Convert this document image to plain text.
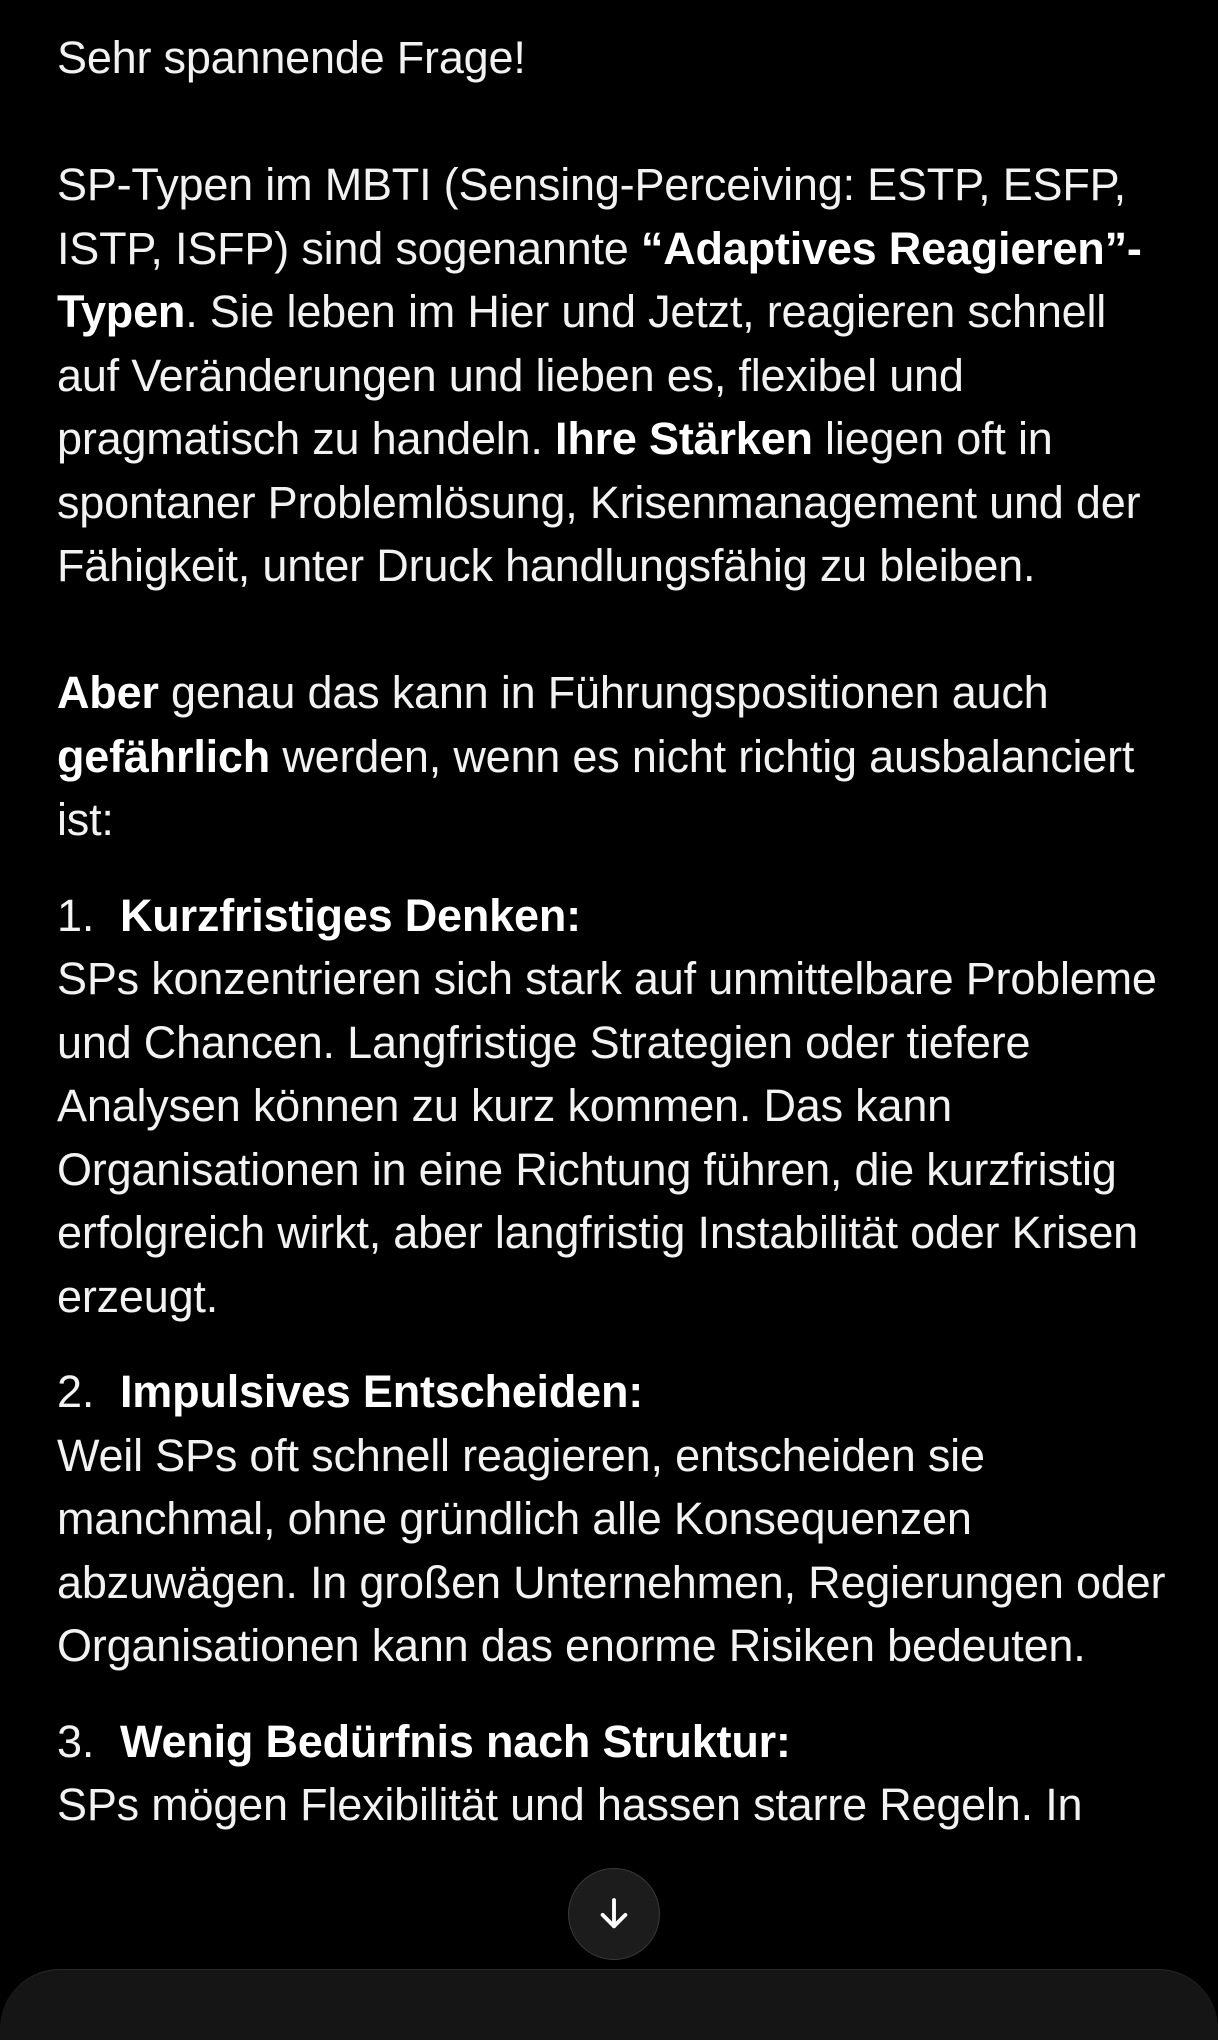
Sehr spannende Frage!

SP-Typen im MBTI (Sensing-Perceiving: ESTP, ESFP, ISTP, ISFP) sind sogenannte “Adaptives Reagieren”-Typen. Sie leben im Hier und Jetzt, reagieren schnell auf Veränderungen und lieben es, flexibel und pragmatisch zu handeln. Ihre Stärken liegen oft in spontaner Problemlösung, Krisenmanagement und der Fähigkeit, unter Druck handlungsfähig zu bleiben.

Aber genau das kann in Führungspositionen auch gefährlich werden, wenn es nicht richtig ausbalanciert ist:

1. Kurzfristiges Denken:

SPs konzentrieren sich stark auf unmittelbare Probleme und Chancen. Langfristige Strategien oder tiefere Analysen können zu kurz kommen. Das kann Organisationen in eine Richtung führen, die kurzfristig erfolgreich wirkt, aber langfristig Instabilität oder Krisen erzeugt.

2. Impulsives Entscheiden:

Weil SPs oft schnell reagieren, entscheiden sie manchmal, ohne gründlich alle Konsequenzen abzuwägen. In großen Unternehmen, Regierungen oder Organisationen kann das enorme Risiken bedeuten.

3. Wenig Bedürfnis nach Struktur:

SPs mögen Flexibilität und hassen starre Regeln. In
